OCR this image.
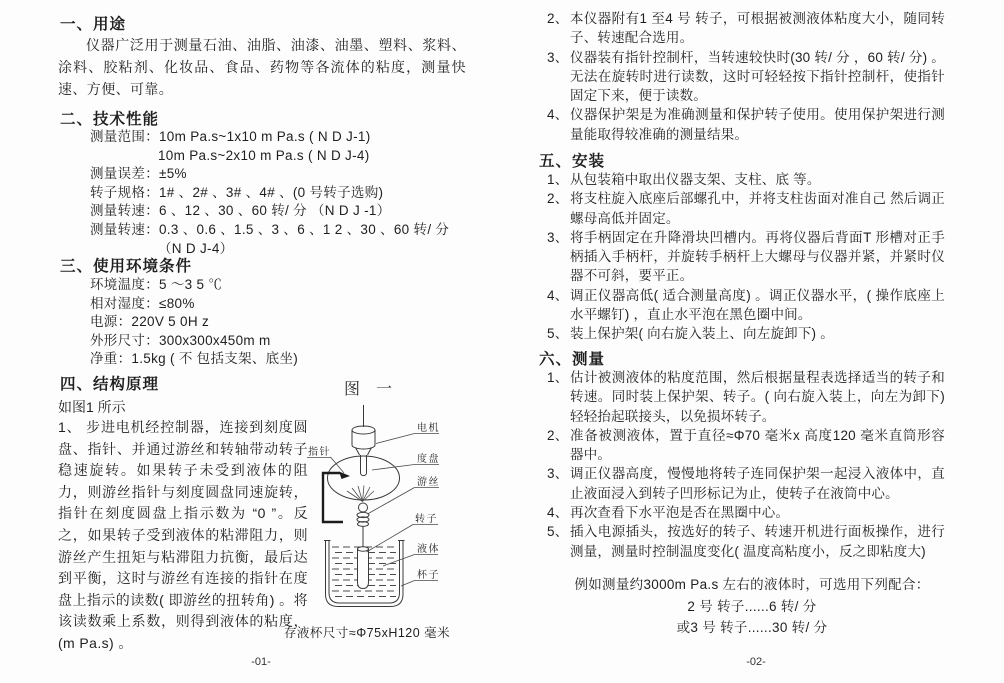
一、用途
仪器广泛用于测量石油、油脂、油漆、油墨、塑料、浆料、涂料、胶粘剂、化妆品、食品、药物等各流体的粘度，测量快速、方便、可靠。
二、技术性能
测量范围：10m Pa.s~1x10 m Pa.s ( N D J-1)
10m Pa.s~2x10 m Pa.s ( N D J-4)
测量误差：±5%
转子规格：1# 、2# 、3# 、4# 、(0 号转子选购)
测量转速：6 、12 、30 、60 转/ 分 （N D J -1）
测量转速：0.3 、0.6 、1.5 、3 、6 、1 2 、30 、60 转/ 分
（N D J-4）
三、使用环境条件
环境温度：5 ～3 5 ℃
相对湿度：≤80%
电源：220V 5 0H z
外形尺寸：300x300x450m m
净重：1.5kg ( 不 包括支架、底坐)
四、结构原理
如图1 所示
1、 步进电机经控制器，连接到刻度圆盘、指针、并通过游丝和转轴带动转子稳速旋转。如果转子未受到液体的阻力，则游丝指针与刻度圆盘同速旋转， 指针在刻度圆盘上指示数为 “0 ”。反之，如果转子受到液体的粘滞阻力，则游丝产生扭矩与粘滞阻力抗衡，最后达到平衡，这时与游丝有连接的指针在度盘上指示的读数( 即游丝的扭转角) 。将该读数乘上系数，则得到液体的粘度，(m Pa.s) 。
图 一
指针
电机
度盘
游丝
转子
液体
杯子
存液杯尺寸≈Φ75xH120 毫米
-01-
2、 本仪器附有1 至4 号 转子，可根据被测液体粘度大小，随同转子、转速配合选用。
3、 仪器装有指针控制杆，当转速较快时(30 转/ 分 ，60 转/ 分) 。无法在旋转时进行读数，这时可轻轻按下指针控制杆，使指针固定下来，便于读数。
4、 仪器保护架是为准确测量和保护转子使用。使用保护架进行测量能取得较准确的测量结果。
五、安装
1、 从包装箱中取出仪器支架、支柱、底 等。
2、 将支柱旋入底座后部螺孔中，并将支柱齿面对准自己 然后调正螺母高低并固定。
3、 将手柄固定在升降滑块凹槽内。再将仪器后背面T 形槽对正手柄插入手柄杆，并旋转手柄杆上大螺母与仪器并紧，并紧时仪器不可斜，要平正。
4、 调正仪器高低( 适合测量高度) 。调正仪器水平，( 操作底座上水平螺钉) ，直止水平泡在黑色圈中间。
5、 装上保护架( 向右旋入装上、向左旋卸下) 。
六、测量
1、 估计被测液体的粘度范围，然后根据量程表选择适当的转子和转速。同时装上保护架、转子。( 向右旋入装上，向左为卸下) 轻轻抬起联接头，以免损坏转子。
2、 准备被测液体，置于直径≈Φ70 毫米x 高度120 毫米直筒形容器中。
3、 调正仪器高度，慢慢地将转子连同保护架一起浸入液体中，直止液面浸入到转子凹形标记为止，使转子在液筒中心。
4、 再次查看下水平泡是否在黑圈中心。
5、 插入电源插头，按选好的转子、转速开机进行面板操作，进行测量，测量时控制温度变化( 温度高粘度小，反之即粘度大)
例如测量约3000m Pa.s 左右的液体时，可选用下列配合：
2 号 转子......6 转/ 分
或3 号 转子......30 转/ 分
-02-
